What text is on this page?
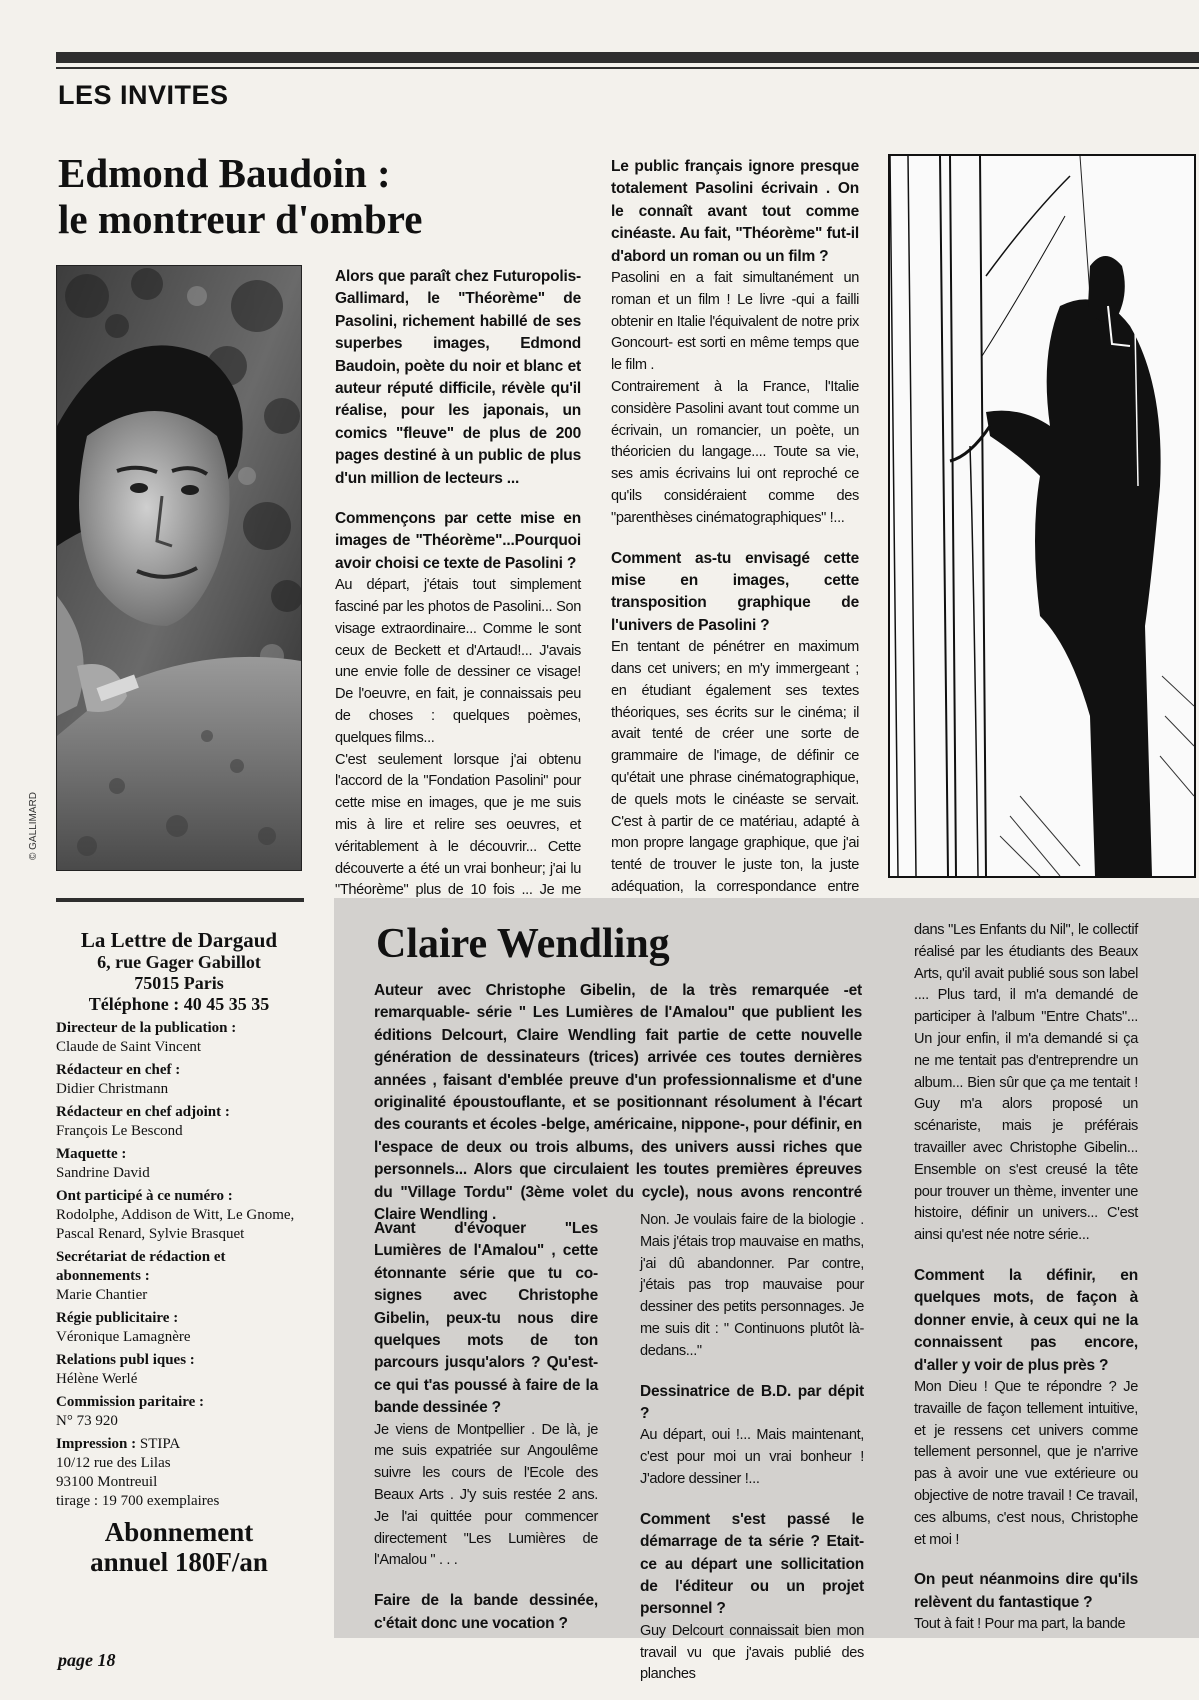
LES INVITES
Edmond Baudoin :
le montreur d'ombre
© GALLIMARD

Alors que paraît chez Futuropolis-Gallimard, le "Théorème" de Pasolini, richement habillé de ses superbes images, Edmond Baudoin, poète du noir et blanc et auteur réputé difficile, révèle qu'il réalise, pour les japonais, un comics "fleuve" de plus de 200 pages destiné à un public de plus d'un million de lecteurs ...

Commençons par cette mise en images de "Théorème"...Pourquoi avoir choisi ce texte de Pasolini ?

Au départ, j'étais tout simplement fasciné par les photos de Pasolini... Son visage extraordinaire... Comme le sont ceux de Beckett et d'Artaud!... J'avais une envie folle de dessiner ce visage! De l'oeuvre, en fait, je connaissais peu de choses : quelques poèmes, quelques films...

C'est seulement lorsque j'ai obtenu l'accord de la "Fondation Pasolini" pour cette mise en images, que je me suis mis à lire et relire ses oeuvres, et véritablement à le découvrir... Cette découverte a été un vrai bonheur; j'ai lu "Théorème" plus de 10 fois ... Je me

Le public français ignore presque totalement Pasolini écrivain . On le connaît avant tout comme cinéaste. Au fait, "Théorème" fut-il d'abord un roman ou un film ?

Pasolini en a fait simultanément un roman et un film ! Le livre -qui a failli obtenir en Italie l'équivalent de notre prix Goncourt- est sorti en même temps que le film .

Contrairement à la France, l'Italie considère Pasolini avant tout comme un écrivain, un romancier, un poète, un théoricien du langage.... Toute sa vie, ses amis écrivains lui ont reproché ce qu'ils considéraient comme des "parenthèses cinématographiques" !...

Comment as-tu envisagé cette mise en images, cette transposition graphique de l'univers de Pasolini ?

En tentant de pénétrer en maximum dans cet univers; en m'y immergeant ; en étudiant également ses textes théoriques, ses écrits sur le cinéma; il avait tenté de créer une sorte de grammaire de l'image, de définir ce qu'était une phrase cinématographique, de quels mots le cinéaste se servait. C'est à partir de ce matériau, adapté à mon propre langage graphique, que j'ai tenté de trouver le juste ton, la juste adéquation, la correspondance entre

La Lettre de Dargaud
6, rue Gager Gabillot
75015 Paris
Téléphone : 40 45 35 35
Directeur de la publication :
Claude de Saint Vincent
Rédacteur en chef :
Didier Christmann
Rédacteur en chef adjoint :
François Le Bescond
Maquette :
Sandrine David
Ont participé à ce numéro :
Rodolphe, Addison de Witt, Le Gnome, Pascal Renard, Sylvie Brasquet
Secrétariat de rédaction et abonnements :
Marie Chantier
Régie publicitaire :
Véronique Lamagnère
Relations publ iques :
Hélène Werlé
Commission paritaire :
N° 73 920
Impression : STIPA
10/12 rue des Lilas
93100 Montreuil
tirage : 19 700 exemplaires
Abonnement
annuel 180F/an
Claire Wendling
Auteur avec Christophe Gibelin, de la très remarquée -et remarquable- série " Les Lumières de l'Amalou" que publient les éditions Delcourt, Claire Wendling fait partie de cette nouvelle génération de dessinateurs (trices) arrivée ces toutes dernières années , faisant d'emblée preuve d'un professionnalisme et d'une originalité époustouflante, et se positionnant résolument à l'écart des courants et écoles -belge, américaine, nippone-, pour définir, en l'espace de deux ou trois albums, des univers aussi riches que personnels... Alors que circulaient les toutes premières épreuves du "Village Tordu" (3ème volet du cycle), nous avons rencontré Claire Wendling .

Avant d'évoquer "Les Lumières de l'Amalou" , cette étonnante série que tu co-signes avec Christophe Gibelin, peux-tu nous dire quelques mots de ton parcours jusqu'alors ? Qu'est-ce qui t'as poussé à faire de la bande dessinée ?

Je viens de Montpellier . De là, je me suis expatriée sur Angoulême suivre les cours de l'Ecole des Beaux Arts . J'y suis restée 2 ans. Je l'ai quittée pour commencer directement "Les Lumières de l'Amalou " . . .

Faire de la bande dessinée, c'était donc une vocation ?

Non. Je voulais faire de la biologie . Mais j'étais trop mauvaise en maths, j'ai dû abandonner. Par contre, j'étais pas trop mauvaise pour dessiner des petits personnages. Je me suis dit : " Continuons plutôt là-dedans..."

Dessinatrice de B.D. par dépit ?

Au départ, oui !... Mais maintenant, c'est pour moi un vrai bonheur ! J'adore dessiner !...

Comment s'est passé le démarrage de ta série ? Etait-ce au départ une sollicitation de l'éditeur ou un projet personnel ?

Guy Delcourt connaissait bien mon travail vu que j'avais publié des planches

dans "Les Enfants du Nil", le collectif réalisé par les étudiants des Beaux Arts, qu'il avait publié sous son label .... Plus tard, il m'a demandé de participer à l'album "Entre Chats"... Un jour enfin, il m'a demandé si ça ne me tentait pas d'entreprendre un album... Bien sûr que ça me tentait ! Guy m'a alors proposé un scénariste, mais je préférais travailler avec Christophe Gibelin... Ensemble on s'est creusé la tête pour trouver un thème, inventer une histoire, définir un univers... C'est ainsi qu'est née notre série...

Comment la définir, en quelques mots, de façon à donner envie, à ceux qui ne la connaissent pas encore, d'aller y voir de plus près ?

Mon Dieu ! Que te répondre ? Je travaille de façon tellement intuitive, et je ressens cet univers comme tellement personnel, que je n'arrive pas à avoir une vue extérieure ou objective de notre travail ! Ce travail, ces albums, c'est nous, Christophe et moi !

On peut néanmoins dire qu'ils relèvent du fantastique ?

Tout à fait ! Pour ma part, la bande

page 18
